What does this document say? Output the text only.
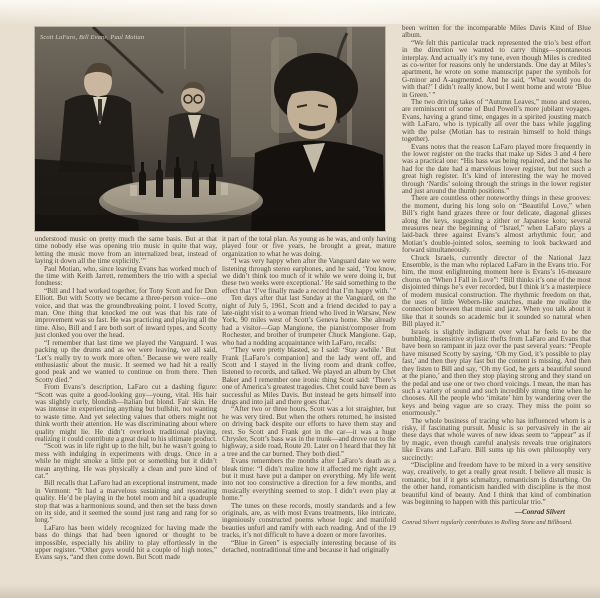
Scott LaFaro, Bill Evans, Paul Motian

understood music on pretty much the same basis. But at that time nobody else was opening trio music in quite that way, letting the music move from an internalized beat, instead of laying it down all the time explicitly.’”

Paul Motian, who, since leaving Evans has worked much of the time with Keith Jarrett, remembers the trio with a special fondness:

“Bill and I had worked together, for Tony Scott and for Don Elliott. But with Scotty we became a three-person voice—one voice, and that was the groundbreaking point. I loved Scotty, man. One thing that knocked me out was that his rate of improvement was so fast. He was practicing and playing all the time. Also, Bill and I are both sort of inward types, and Scotty just clonked you over the head.

“I remember that last time we played the Vanguard. I was packing up the drums and as we were leaving, we all said, ‘Let’s really try to work more often.’ Because we were really enthusiastic about the music. It seemed we had hit a really good peak and we wanted to continue on from there. Then Scotty died.”

From Evans’s description, LaFaro cut a dashing figure: “Scott was quite a good-looking guy—young, vital. His hair was slightly curly, blondish—Italian but blond. Fair skin. He was intense in experiencing anything but bullshit, not wanting to waste time. And yet selecting values that others might not think worth their attention. He was discriminating about where quality might lie. He didn’t overlook traditional playing, realizing it could contribute a great deal to his ultimate product.

“Scott was in life right up to the hilt, but he wasn’t going to mess with indulging in experiments with drugs. Once in a while he might smoke a little pot or something but it didn’t mean anything. He was physically a clean and pure kind of cat.”

Bill recalls that LaFaro had an exceptional instrument, made in Vermont: “It had a marvelous sustaining and resonating quality. He’d be playing in the hotel room and hit a quadruple stop that was a harmonious sound, and then set the bass down on its side, and it seemed the sound just rang and rang for so long.”

LaFaro has been widely recognized for having made the bass do things that had been ignored or thought to be impossible, especially his ability to play effortlessly in the upper register. “Other guys would hit a couple of high notes,” Evans says, “and then come down. But Scott made

it part of the total plan. As young as he was, and only having played four or five years, he brought a great, mature organization to what he was doing.

“I was very happy when after the Vanguard date we were listening through stereo earphones, and he said, ‘You know, we didn’t think too much of it while we were doing it, but these two weeks were exceptional.’ He said something to the effect that ‘I’ve finally made a record that I’m happy with.’ ”

Ten days after that last Sunday at the Vanguard, on the night of July 5, 1961, Scott and a friend decided to pay a late-night visit to a woman friend who lived in Warsaw, New York, 90 miles west of Scott’s Geneva home. She already had a visitor—Gap Mangione, the pianist/composer from Rochester, and brother of trumpeter Chuck Mangione. Gap, who had a nodding acquaintance with LaFaro, recalls:

“They were pretty blasted, so I said: ‘Stay awhile.’ But Frank [LaFaro’s companion] and the lady went off, and Scott and I stayed in the living room and drank coffee, listened to records, and talked. We played an album by Chet Baker and I remember one ironic thing Scott said: ‘There’s one of America’s greatest tragedies. Chet could have been as successful as Miles Davis. But instead he gets himself into drugs and into jail and there goes that.’

“After two or three hours, Scott was a lot straighter, but he was very tired. But when the others returned, he insisted on driving back despite our efforts to have them stay and rest. So Scott and Frank got in the car—it was a huge Chrysler, Scott’s bass was in the trunk—and drove out to the highway, a side road, Route 20. Later on I heard that they hit a tree and the car burned. They both died.”

Evans remembers the months after LaFaro’s death as a bleak time: “I didn’t realize how it affected me right away, but it must have put a damper on everything. My life went into not too constructive a direction for a few months, and musically everything seemed to stop. I didn’t even play at home.”

The tunes on these records, mostly standards and a few originals, are, as with most Evans treatments, like intricate, ingeniously constructed poems whose logic and manifold beauties unfurl and ramify with each reading. And of the 19 tracks, it’s not difficult to have a dozen or more favorites.

“Blue in Green” is especially interesting because of its detached, nontraditional time and because it had originally

been written for the incomparable Miles Davis Kind of Blue album.

“We felt this particular track represented the trio’s best effort in the direction we wanted to carry things—spontaneous interplay. And actually it’s my tune, even though Miles is credited as co-writer for reasons only he understands. One day at Miles’s apartment, he wrote on some manuscript paper the symbols for G-minor and A-augmented. And he said, ‘What would you do with that?’ I didn’t really know, but I went home and wrote ‘Blue in Green.’ ”

The two driving takes of “Autumn Leaves,” mono and stereo, are reminiscent of some of Bud Powell’s more jubilant voyages. Evans, having a grand time, engages in a spirited jousting match with LaFaro, who is typically all over the bass while juggling with the pulse (Motian has to restrain himself to hold things together).

Evans notes that the reason LaFaro played more frequently in the lower register on the tracks that make up Sides 3 and 4 here was a practical one: “His bass was being repaired, and the bass he had for the date had a marvelous lower register, but not such a great high register. It’s kind of interesting the way he moved through ‘Nardis’ soloing through the strings in the lower register and just around the thumb positions.”

There are countless other noteworthy things in these grooves: the moment, during his long solo on “Beautiful Love,” when Bill’s right hand grazes three or four delicate, diagonal glisses along the keys, suggesting a zither or Japanese koto; several measures near the beginning of “Israel,” when LaFaro plays a laid-back three against Evans’s almost arhythmic four; and Motian’s double-jointed solos, seeming to look backward and forward simultaneously.

Chuck Israels, currently director of the National Jazz Ensemble, is the man who replaced LaFaro in the Evans trio. For him, the most enlightening moment here is Evans’s 16-measure chorus on “When I Fall in Love”: “Bill thinks it’s one of the most disjointed things he’s ever recorded, but I think it’s a masterpiece of modern musical construction. The rhythmic freedom on that, the uses of little Webern-like snatches, made me realize the connection between that music and jazz. When you talk about it like that it sounds so academic but it sounded so natural when Bill played it.”

Israels is slightly indignant over what he feels to be the bumbling, insensitive stylistic thefts from LaFaro and Evans that have been so rampant in jazz over the past several years: “People have misused Scotty by saying, ‘Oh my God, it’s possible to play fast,’ and then they play fast but the content is missing. And then they listen to Bill and say, ‘Oh my God, he gets a beautiful sound at the piano,’ and then they stop playing strong and they stand on the pedal and use one or two chord voicings. I mean, the man has such a variety of sound and such incredibly strong time when he chooses. All the people who ‘imitate’ him by wandering over the keys and being vague are so crazy. They miss the point so enormously.”

The whole business of tracing who has influenced whom is a risky, if fascinating pursuit. Music is so pervasively in the air these days that whole waves of new ideas seem to “appear” as if by magic, even though careful analysis reveals true originators like Evans and LaFaro. Bill sums up his own philosophy very succinctly:

“Discipline and freedom have to be mixed in a very sensitive way, creatively, to get a really great result. I believe all music is romantic, but if it gets schmaltzy, romanticism is disturbing. On the other hand, romanticism handled with discipline is the most beautiful kind of beauty. And I think that kind of combination was beginning to happen with this particular trio.”

—Conrad Silvert
Conrad Silvert regularly contributes to Rolling Stone and Billboard.
